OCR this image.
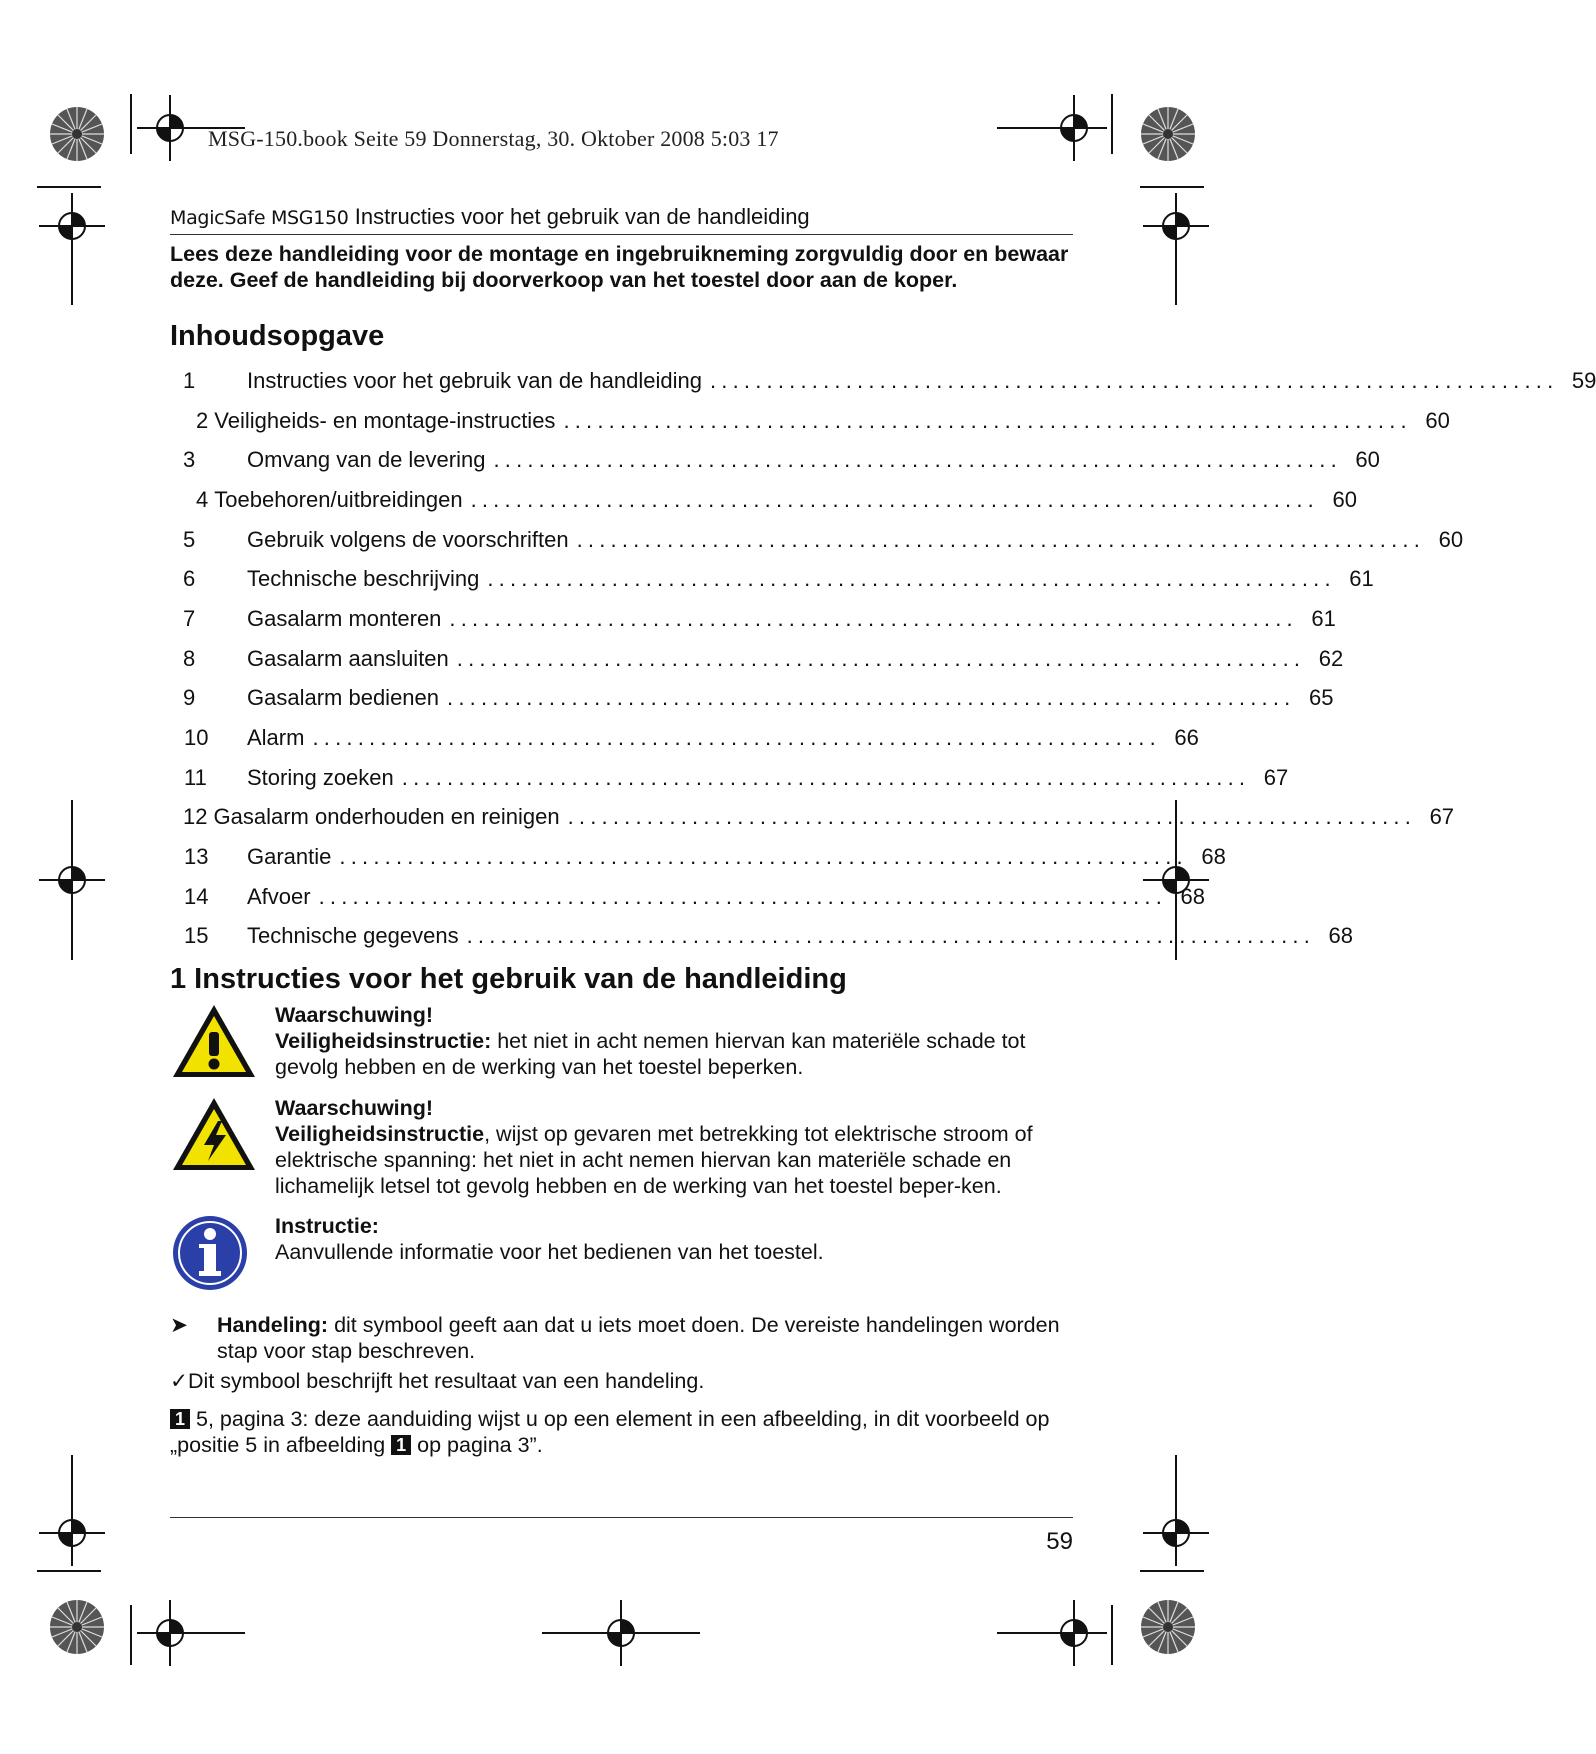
MSG-150.book Seite 59 Donnerstag, 30. Oktober 2008 5:03 17
MagicSafe MSG150 Instructies voor het gebruik van de handleiding
Lees deze handleiding voor de montage en ingebruikneming zorgvuldig door en bewaar deze. Geef de handleiding bij doorverkoop van het toestel door aan de koper.
Inhoudsopgave
1	Instructies voor het gebruik van de handleiding ........................................................................... 59
2 Veiligheids- en montage-instructies ........................................................................... 60
3	Omvang van de levering ........................................................................... 60
4 Toebehoren/uitbreidingen ........................................................................... 60
5	Gebruik volgens de voorschriften ........................................................................... 60
6	Technische beschrijving ........................................................................... 61
7	Gasalarm monteren ........................................................................... 61
8	Gasalarm aansluiten ........................................................................... 62
9	Gasalarm bedienen ........................................................................... 65
10	Alarm ........................................................................... 66
11	Storing zoeken ........................................................................... 67
12 Gasalarm onderhouden en reinigen ........................................................................... 67
13	Garantie ........................................................................... 68
14	Afvoer ........................................................................... 68
15	Technische gegevens ........................................................................... 68
1 Instructies voor het gebruik van de handleiding
Waarschuwing!
Veiligheidsinstructie: het niet in acht nemen hiervan kan materiële schade tot gevolg hebben en de werking van het toestel beperken.
Waarschuwing!
Veiligheidsinstructie, wijst op gevaren met betrekking tot elektrische stroom of elektrische spanning: het niet in acht nemen hiervan kan materiële schade en lichamelijk letsel tot gevolg hebben en de werking van het toestel beper-ken.
Instructie:
Aanvullende informatie voor het bedienen van het toestel.
➤	Handeling: dit symbool geeft aan dat u iets moet doen. De vereiste handelingen worden stap voor stap beschreven.
✓Dit symbool beschrijft het resultaat van een handeling.
1 5, pagina 3: deze aanduiding wijst u op een element in een afbeelding, in dit voorbeeld op „positie 5 in afbeelding 1 op pagina 3”.
59
